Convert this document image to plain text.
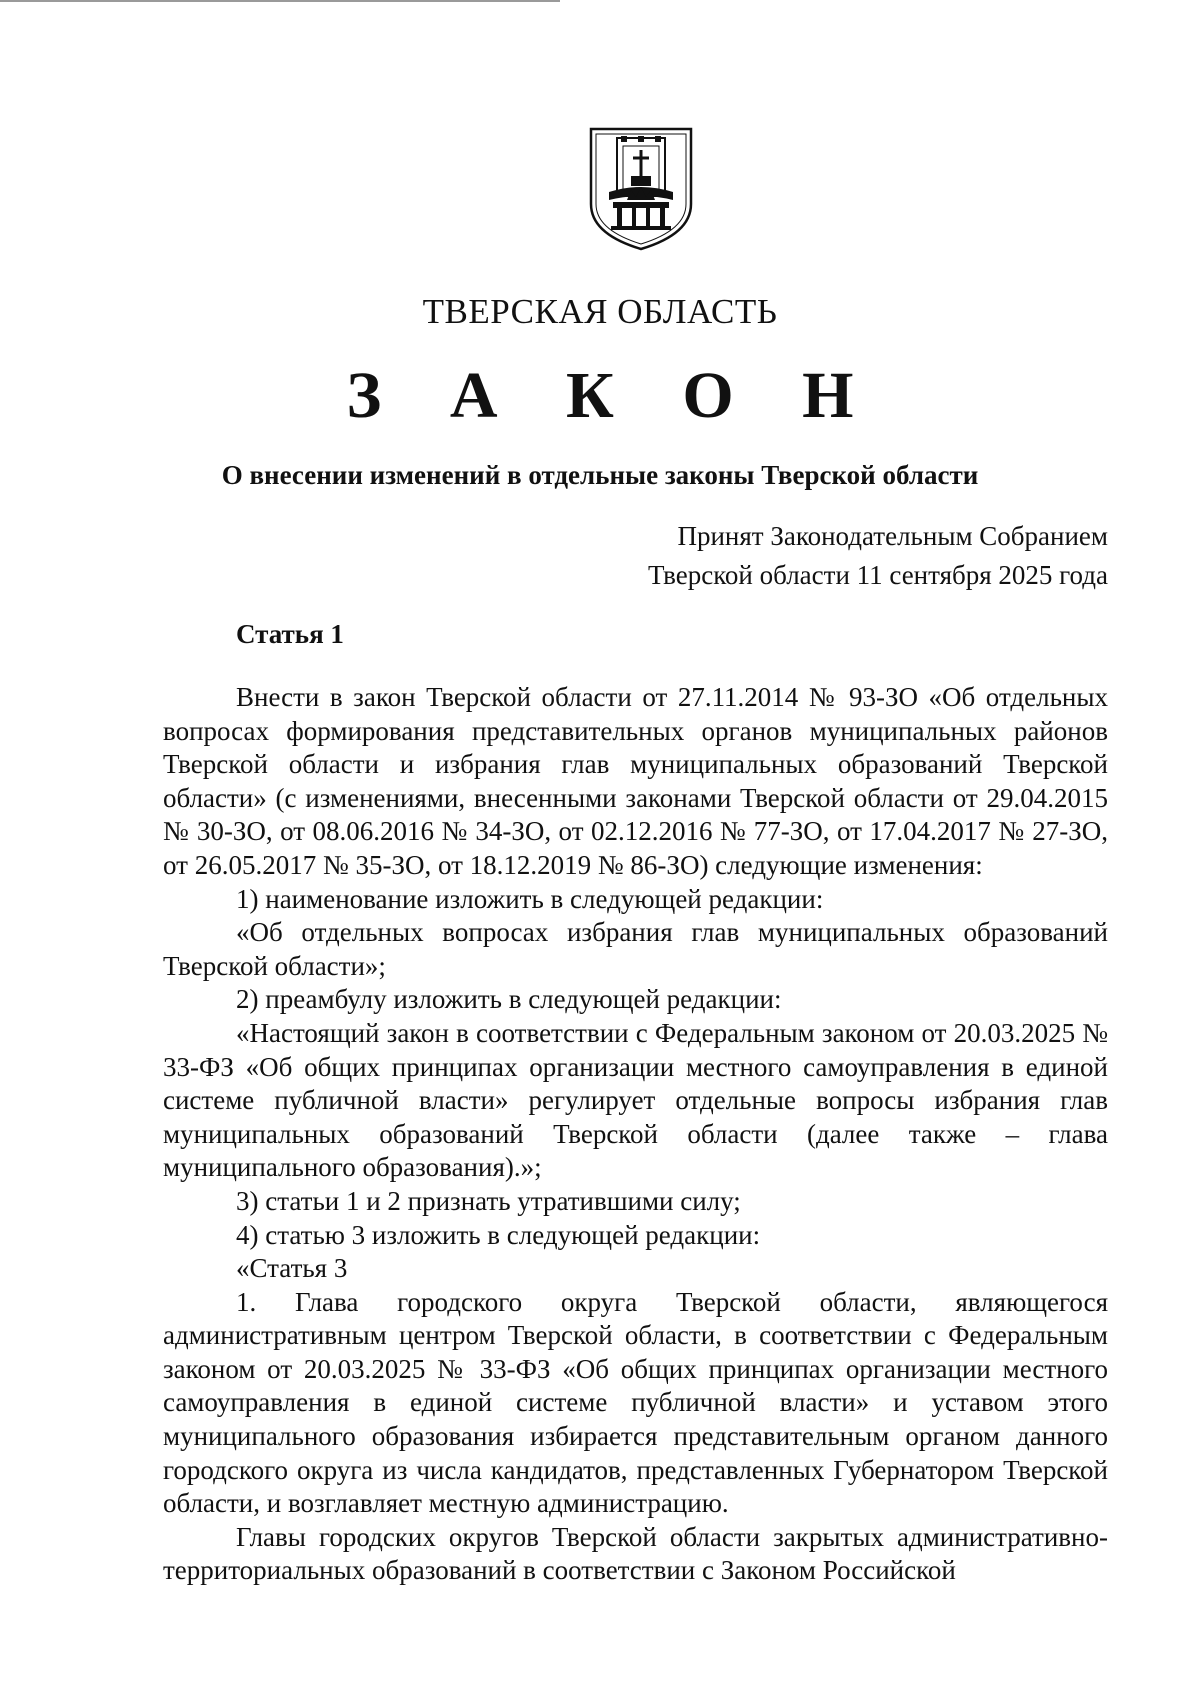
ТВЕРСКАЯ ОБЛАСТЬ
З А К О Н
О внесении изменений в отдельные законы Тверской области
Принят Законодательным Собранием
Тверской области 11 сентября 2025 года
Статья 1

Внести в закон Тверской области от 27.11.2014 № 93-ЗО «Об отдельных вопросах формирования представительных органов муниципальных районов Тверской области и избрания глав муниципальных образований Тверской области» (с изменениями, внесенными законами Тверской области от 29.04.2015 № 30-ЗО, от 08.06.2016 № 34-ЗО, от 02.12.2016 № 77-ЗО, от 17.04.2017 № 27-ЗО, от 26.05.2017 № 35-ЗО, от 18.12.2019 № 86-ЗО) следующие изменения:

1) наименование изложить в следующей редакции:

«Об отдельных вопросах избрания глав муниципальных образований Тверской области»;

2) преамбулу изложить в следующей редакции:

«Настоящий закон в соответствии с Федеральным законом от 20.03.2025 № 33-ФЗ «Об общих принципах организации местного самоуправления в единой системе публичной власти» регулирует отдельные вопросы избрания глав муниципальных образований Тверской области (далее также – глава муниципального образования).»;

3) статьи 1 и 2 признать утратившими силу;

4) статью 3 изложить в следующей редакции:

«Статья 3

1. Глава городского округа Тверской области, являющегося административным центром Тверской области, в соответствии с Федеральным законом от 20.03.2025 № 33-ФЗ «Об общих принципах организации местного самоуправления в единой системе публичной власти» и уставом этого муниципального образования избирается представительным органом данного городского округа из числа кандидатов, представленных Губернатором Тверской области, и возглавляет местную администрацию.

Главы городских округов Тверской области закрытых административно-территориальных образований в соответствии с Законом Российской
